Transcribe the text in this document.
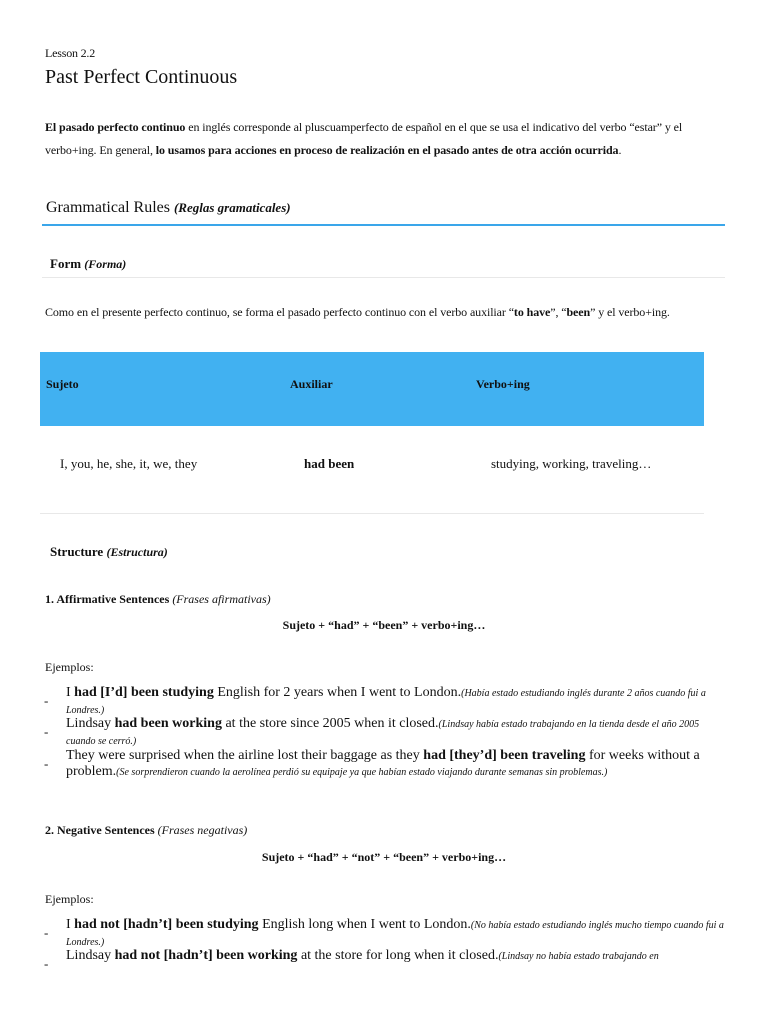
Lesson 2.2
Past Perfect Continuous
El pasado perfecto continuo en inglés corresponde al pluscuamperfecto de español en el que se usa el indicativo del verbo “estar” y el verbo+ing. En general, lo usamos para acciones en proceso de realización en el pasado antes de otra acción ocurrida.
Grammatical Rules (Reglas gramaticales)
Form (Forma)
Como en el presente perfecto continuo, se forma el pasado perfecto continuo con el verbo auxiliar “to have”, “been” y el verbo+ing.
Sujeto	Auxiliar	Verbo+ing
I, you, he, she, it, we, they	had been	studying, working, traveling…
Structure (Estructura)
1. Affirmative Sentences (Frases afirmativas)
Sujeto + “had” + “been” + verbo+ing…
Ejemplos:
-
I had [I’d] been studying English for 2 years when I went to London.(Había estado estudiando inglés durante 2 años cuando fui a Londres.)
-
Lindsay had been working at the store since 2005 when it closed.(Lindsay había estado trabajando en la tienda desde el año 2005 cuando se cerró.)
-
They were surprised when the airline lost their baggage as they had [they’d] been traveling for weeks without a problem.(Se sorprendieron cuando la aerolínea perdió su equipaje ya que habían estado viajando durante semanas sin problemas.)
2. Negative Sentences (Frases negativas)
Sujeto + “had” + “not” + “been” + verbo+ing…
Ejemplos:
-
I had not [hadn’t] been studying English long when I went to London.(No había estado estudiando inglés mucho tiempo cuando fui a Londres.)
-
Lindsay had not [hadn’t] been working at the store for long when it closed.(Lindsay no había estado trabajando en
